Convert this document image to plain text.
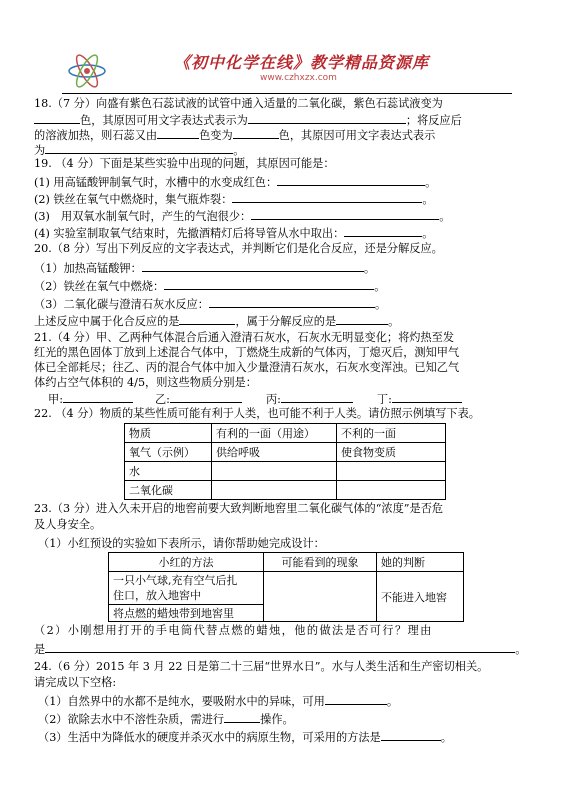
《初中化学在线》教学精品资源库
www.czhxzx.com
18.（7 分）向盛有紫色石蕊试液的试管中通入适量的二氧化碳，紫色石蕊试液变为
色，其原因可用文字表达式表示为	；将反应后
的溶液加热，则石蕊又由	色变为	色，其原因可用文字表达式表示
为	。
19. （4 分）下面是某些实验中出现的问题，其原因可能是：
(1) 用高锰酸钾制氧气时，水槽中的水变成红色：	。
(2) 铁丝在氧气中燃烧时，集气瓶炸裂：	。
(3)　用双氧水制氧气时，产生的气泡很少：	。
(4) 实验室制取氧气结束时，先撤酒精灯后将导管从水中取出：	。
20.（8 分）写出下列反应的文字表达式，并判断它们是化合反应，还是分解反应。
（1）加热高锰酸钾：	。
（2）铁丝在氧气中燃烧：	。
（3）二氧化碳与澄清石灰水反应：	。
上述反应中属于化合反应的是	，属于分解反应的是	。
21.（4 分）甲、乙两种气体混合后通入澄清石灰水，石灰水无明显变化；将灼热至发
红光的黑色固体丁放到上述混合气体中，丁燃烧生成新的气体丙，丁熄灭后，测知甲气
体已全部耗尽；往乙、丙的混合气体中加入少量澄清石灰水，石灰水变浑浊。已知乙气
体约占空气体积的 4/5，则这些物质分别是：
甲:	乙:	丙:	丁:
22. （4 分）物质的某些性质可能有利于人类，也可能不利于人类。请仿照示例填写下表。
物质	有利的一面（用途）	不利的一面
氧气（示例）	供给呼吸	使食物变质
水		
二氧化碳		
23.（3 分）进入久未开启的地窖前要大致判断地窖里二氧化碳气体的“浓度”是否危
及人身安全。
（1）小红预设的实验如下表所示，请你帮助她完成设计：
小红的方法	可能看到的现象	她的判断
一只小气球,充有空气后扎
住口，放入地窖中		不能进入地窖
将点燃的蜡烛带到地窖里		
（2）小刚想用打开的手电筒代替点燃的蜡烛，他的做法是否可行？理由
是	。
24.（6 分）2015 年 3 月 22 日是第二十三届“世界水日”。水与人类生活和生产密切相关。
请完成以下空格:
（1）自然界中的水都不是纯水，要吸附水中的异味，可用	。
（2）欲除去水中不溶性杂质，需进行	操作。
（3）生活中为降低水的硬度并杀灭水中的病原生物，可采用的方法是	。
